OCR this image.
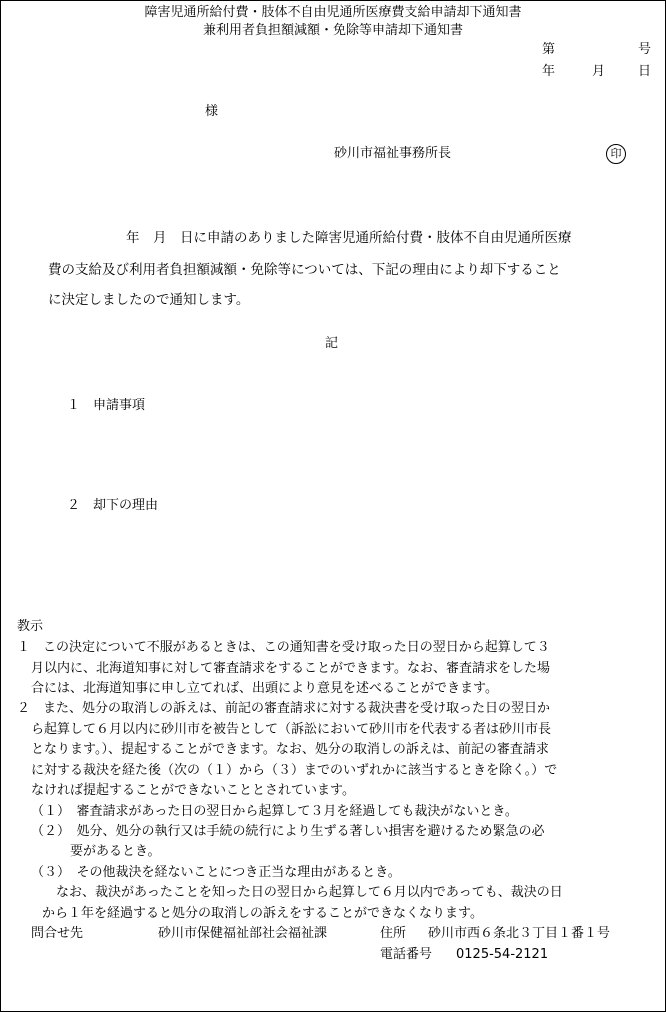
障害児通所給付費・肢体不自由児通所医療費支給申請却下通知書
兼利用者負担額減額・免除等申請却下通知書
第	号
年	月	日
様
砂川市福祉事務所長	印
年　月　日に申請のありました障害児通所給付費・肢体不自由児通所医療
費の支給及び利用者負担額減額・免除等については、下記の理由により却下すること
に決定しましたので通知します。
記
１　申請事項
２　却下の理由
教示
１　この決定について不服があるときは、この通知書を受け取った日の翌日から起算して３
月以内に、北海道知事に対して審査請求をすることができます。なお、審査請求をした場
合には、北海道知事に申し立てれば、出頭により意見を述べることができます。
２　また、処分の取消しの訴えは、前記の審査請求に対する裁決書を受け取った日の翌日か
ら起算して６月以内に砂川市を被告として（訴訟において砂川市を代表する者は砂川市長
となります。）、提起することができます。なお、処分の取消しの訴えは、前記の審査請求
に対する裁決を経た後（次の（１）から（３）までのいずれかに該当するときを除く。）で
なければ提起することができないこととされています。
（１）　審査請求があった日の翌日から起算して３月を経過しても裁決がないとき。
（２）　処分、処分の執行又は手続の続行により生ずる著しい損害を避けるため緊急の必
要があるとき。
（３）　その他裁決を経ないことにつき正当な理由があるとき。
なお、裁決があったことを知った日の翌日から起算して６月以内であっても、裁決の日
から１年を経過すると処分の取消しの訴えをすることができなくなります。
問合せ先	砂川市保健福祉部社会福祉課	住所 砂川市西６条北３丁目１番１号
電話番号 0125-54-2121
